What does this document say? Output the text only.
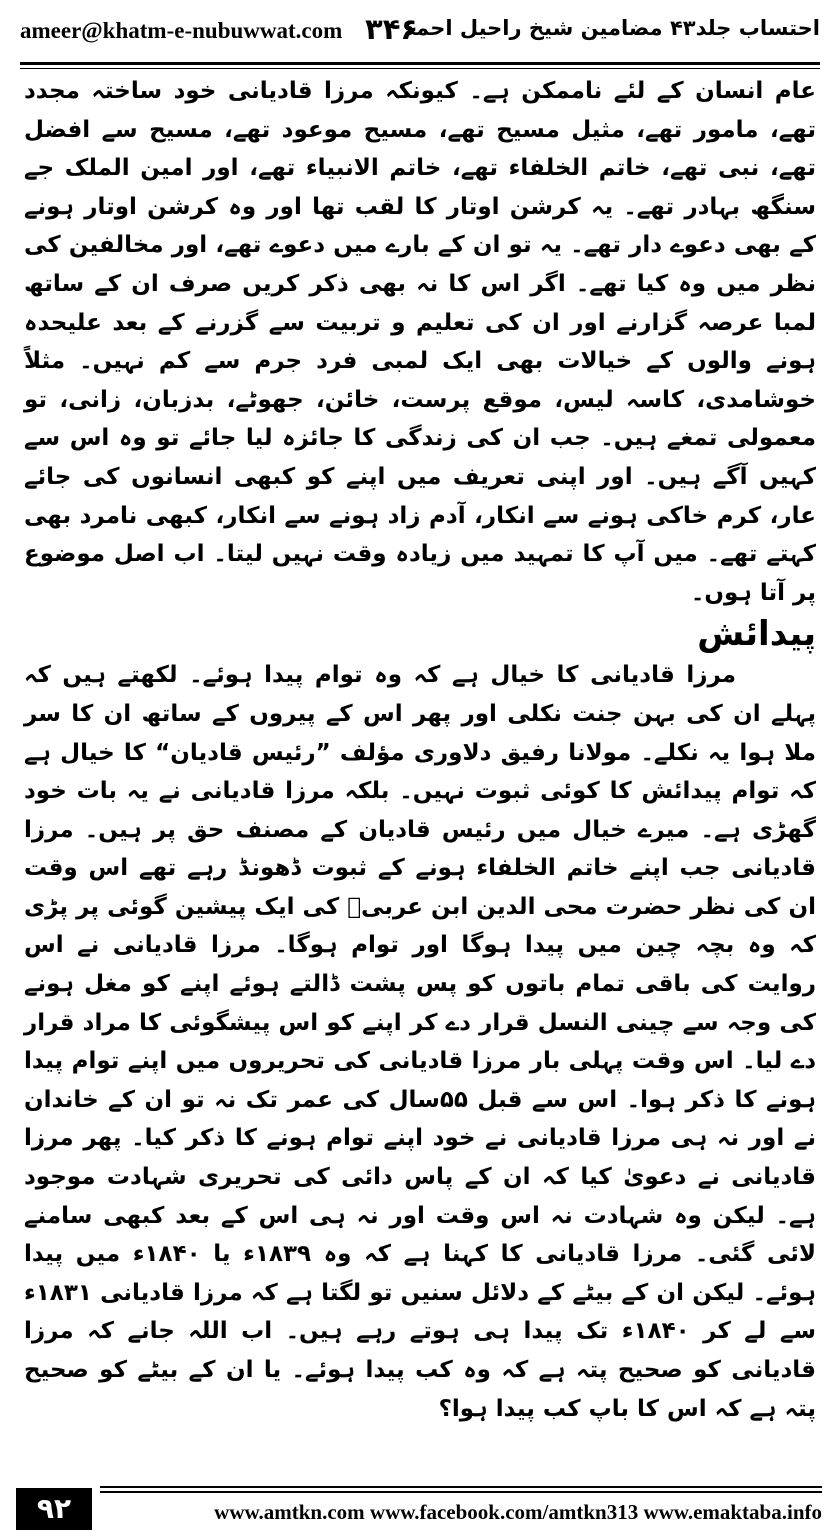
ameer@khatm-e-nubuwwat.com ۳۴۶
احتساب جلد۴۳ مضامین شیخ راحیل احمد

عام انسان کے لئے ناممکن ہے۔ کیونکہ مرزا قادیانی خود ساختہ مجدد تھے، مامور تھے، مثیل مسیح تھے، مسیح موعود تھے، مسیح سے افضل تھے، نبی تھے، خاتم الخلفاء تھے، خاتم الانبیاء تھے، اور امین الملک جے سنگھ بہادر تھے۔ یہ کرشن اوتار کا لقب تھا اور وہ کرشن اوتار ہونے کے بھی دعوے دار تھے۔ یہ تو ان کے بارے میں دعوے تھے، اور مخالفین کی نظر میں وہ کیا تھے۔ اگر اس کا نہ بھی ذکر کریں صرف ان کے ساتھ لمبا عرصہ گزارنے اور ان کی تعلیم و تربیت سے گزرنے کے بعد علیحدہ ہونے والوں کے خیالات بھی ایک لمبی فرد جرم سے کم نہیں۔ مثلاً خوشامدی، کاسہ لیس، موقع پرست، خائن، جھوٹے، بدزبان، زانی، تو معمولی تمغے ہیں۔ جب ان کی زندگی کا جائزہ لیا جائے تو وہ اس سے کہیں آگے ہیں۔ اور اپنی تعریف میں اپنے کو کبھی انسانوں کی جائے عار، کرم خاکی ہونے سے انکار، آدم زاد ہونے سے انکار، کبھی نامرد بھی کہتے تھے۔ میں آپ کا تمہید میں زیادہ وقت نہیں لیتا۔ اب اصل موضوع پر آتا ہوں۔

پیدائش

مرزا قادیانی کا خیال ہے کہ وہ توام پیدا ہوئے۔ لکھتے ہیں کہ پہلے ان کی بہن جنت نکلی اور پھر اس کے پیروں کے ساتھ ان کا سر ملا ہوا یہ نکلے۔ مولانا رفیق دلاوری مؤلف ”رئیس قادیان“ کا خیال ہے کہ توام پیدائش کا کوئی ثبوت نہیں۔ بلکہ مرزا قادیانی نے یہ بات خود گھڑی ہے۔ میرے خیال میں رئیس قادیان کے مصنف حق پر ہیں۔ مرزا قادیانی جب اپنے خاتم الخلفاء ہونے کے ثبوت ڈھونڈ رہے تھے اس وقت ان کی نظر حضرت محی الدین ابن عربیؒ کی ایک پیشین گوئی پر پڑی کہ وہ بچہ چین میں پیدا ہوگا اور توام ہوگا۔ مرزا قادیانی نے اس روایت کی باقی تمام باتوں کو پس پشت ڈالتے ہوئے اپنے کو مغل ہونے کی وجہ سے چینی النسل قرار دے کر اپنے کو اس پیشگوئی کا مراد قرار دے لیا۔ اس وقت پہلی بار مرزا قادیانی کی تحریروں میں اپنے توام پیدا ہونے کا ذکر ہوا۔ اس سے قبل ۵۵سال کی عمر تک نہ تو ان کے خاندان نے اور نہ ہی مرزا قادیانی نے خود اپنے توام ہونے کا ذکر کیا۔ پھر مرزا قادیانی نے دعویٰ کیا کہ ان کے پاس دائی کی تحریری شہادت موجود ہے۔ لیکن وہ شہادت نہ اس وقت اور نہ ہی اس کے بعد کبھی سامنے لائی گئی۔ مرزا قادیانی کا کہنا ہے کہ وہ ۱۸۳۹ء یا ۱۸۴۰ء میں پیدا ہوئے۔ لیکن ان کے بیٹے کے دلائل سنیں تو لگتا ہے کہ مرزا قادیانی ۱۸۳۱ء سے لے کر ۱۸۴۰ء تک پیدا ہی ہوتے رہے ہیں۔ اب اللہ جانے کہ مرزا قادیانی کو صحیح پتہ ہے کہ وہ کب پیدا ہوئے۔ یا ان کے بیٹے کو صحیح پتہ ہے کہ اس کا باپ کب پیدا ہوا؟

۹۲	www.amtkn.com www.facebook.com/amtkn313 www.emaktaba.info
